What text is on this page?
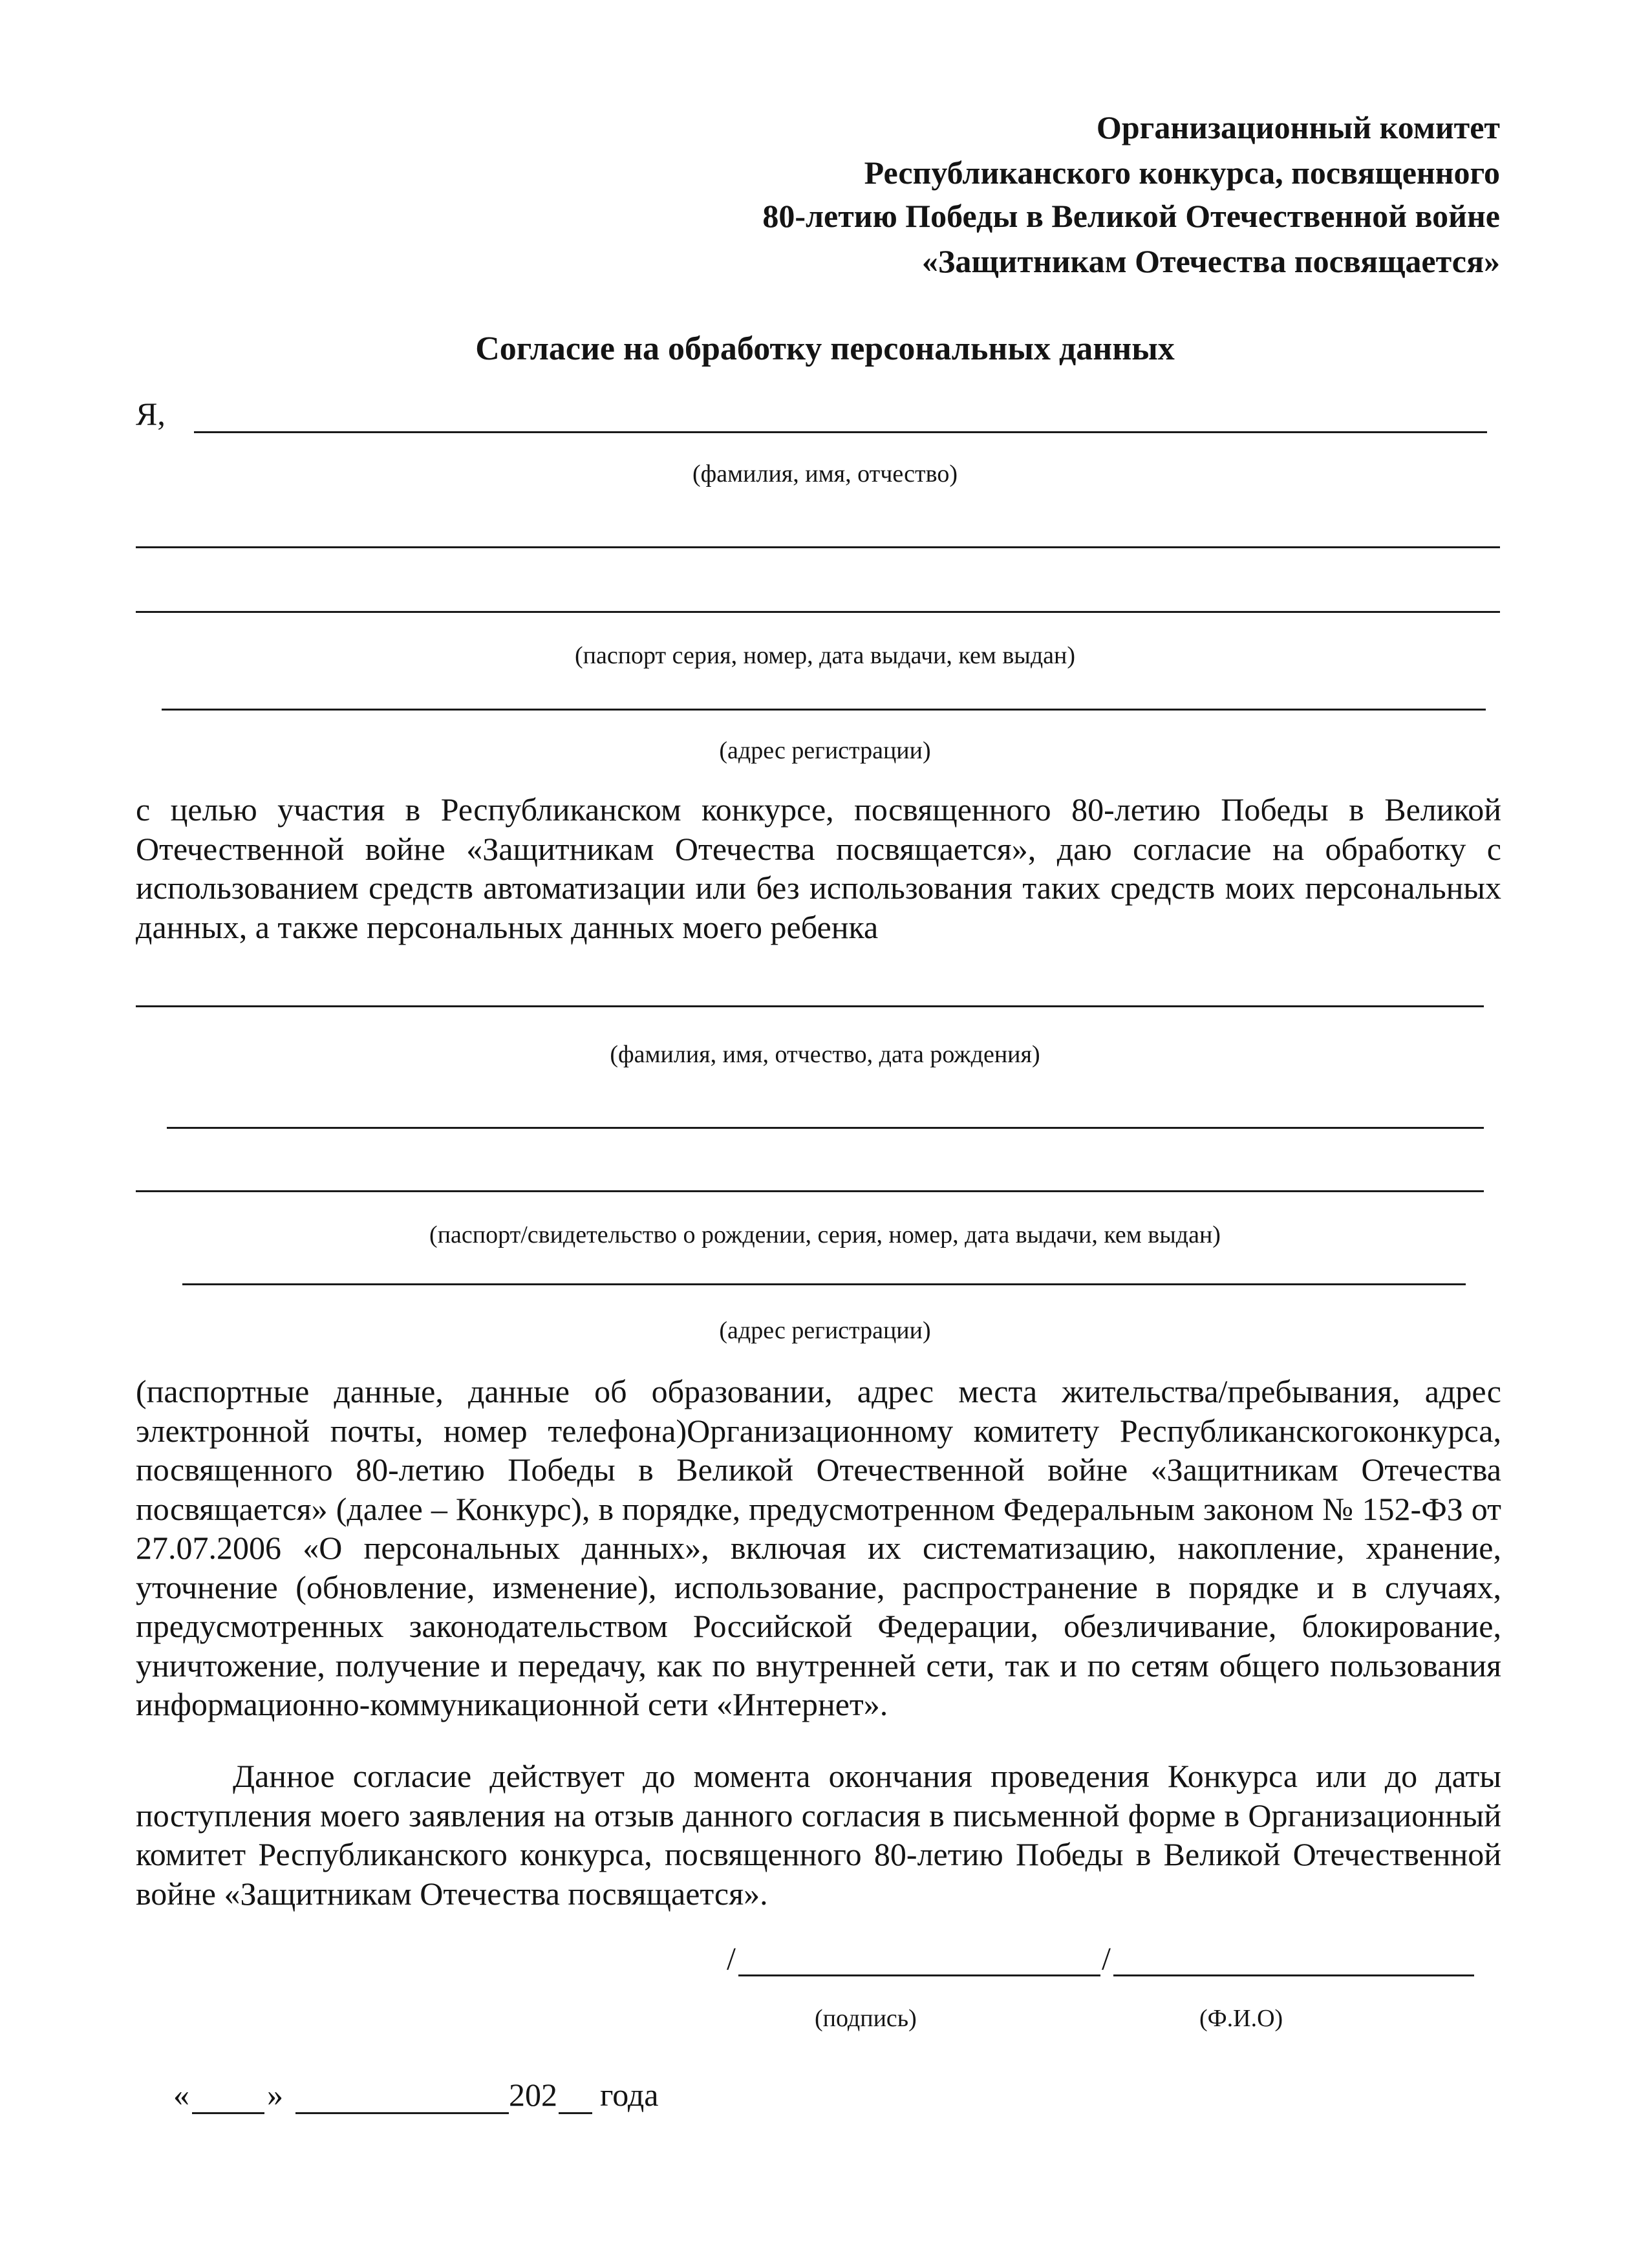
Организационный комитет
Республиканского конкурса, посвященного
80-летию Победы в Великой Отечественной войне
«Защитникам Отечества посвящается»
Согласие на обработку персональных данных
Я,
(фамилия, имя, отчество)
(паспорт серия, номер, дата выдачи, кем выдан)
(адрес регистрации)
с целью участия в Республиканском конкурсе, посвященного 80-летию Победы в Великой Отечественной войне «Защитникам Отечества посвящается», даю согласие на обработку с использованием средств автоматизации или без использования таких средств моих персональных данных, а также персональных данных моего ребенка
(фамилия, имя, отчество, дата рождения)
(паспорт/свидетельство о рождении, серия, номер, дата выдачи, кем выдан)
(адрес регистрации)
(паспортные данные, данные об образовании, адрес места жительства/пребывания, адрес электронной почты, номер телефона)Организационному комитету Республиканскогоконкурса, посвященного 80-летию Победы в Великой Отечественной войне «Защитникам Отечества посвящается» (далее – Конкурс), в порядке, предусмотренном Федеральным законом № 152-ФЗ от 27.07.2006 «О персональных данных», включая их систематизацию, накопление, хранение, уточнение (обновление, изменение), использование, распространение в порядке и в случаях, предусмотренных законодательством Российской Федерации, обезличивание, блокирование, уничтожение, получение и передачу, как по внутренней сети, так и по сетям общего пользования информационно-коммуникационной сети «Интернет».
Данное согласие действует до момента окончания проведения Конкурса или до даты поступления моего заявления на отзыв данного согласия в письменной форме в Организационный комитет Республиканского конкурса, посвященного 80-летию Победы в Великой Отечественной войне «Защитникам Отечества посвящается».
/	/
(подпись)	(Ф.И.О)
« »	202 года
